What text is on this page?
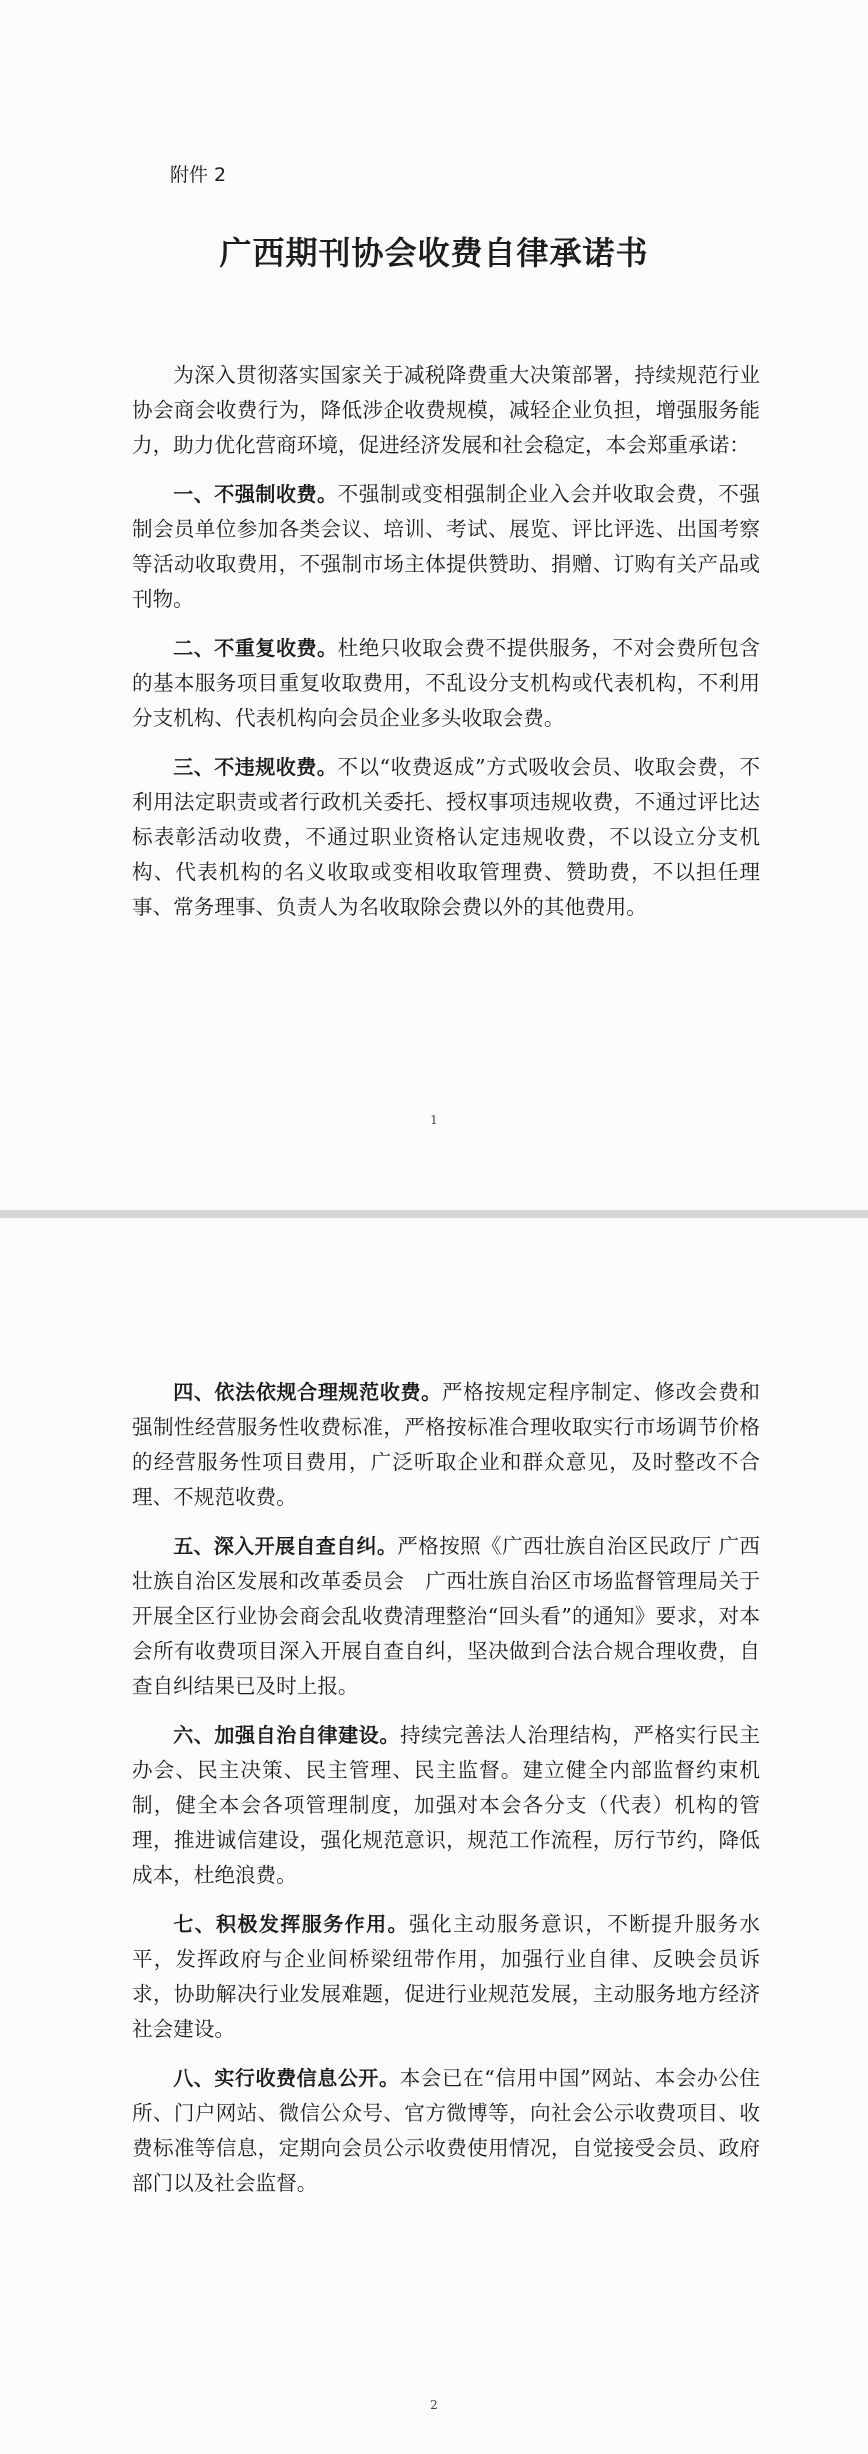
附件 2
广西期刊协会收费自律承诺书

为深入贯彻落实国家关于减税降费重大决策部署，持续规范行业协会商会收费行为，降低涉企收费规模，减轻企业负担，增强服务能力，助力优化营商环境，促进经济发展和社会稳定，本会郑重承诺：

一、不强制收费。不强制或变相强制企业入会并收取会费，不强制会员单位参加各类会议、培训、考试、展览、评比评选、出国考察等活动收取费用，不强制市场主体提供赞助、捐赠、订购有关产品或刊物。

二、不重复收费。杜绝只收取会费不提供服务，不对会费所包含的基本服务项目重复收取费用，不乱设分支机构或代表机构，不利用分支机构、代表机构向会员企业多头收取会费。

三、不违规收费。不以“收费返成”方式吸收会员、收取会费，不利用法定职责或者行政机关委托、授权事项违规收费，不通过评比达标表彰活动收费，不通过职业资格认定违规收费，不以设立分支机构、代表机构的名义收取或变相收取管理费、赞助费，不以担任理事、常务理事、负责人为名收取除会费以外的其他费用。

1

四、依法依规合理规范收费。严格按规定程序制定、修改会费和强制性经营服务性收费标准，严格按标准合理收取实行市场调节价格的经营服务性项目费用，广泛听取企业和群众意见，及时整改不合理、不规范收费。

五、深入开展自查自纠。严格按照《广西壮族自治区民政厅 广西壮族自治区发展和改革委员会　广西壮族自治区市场监督管理局关于开展全区行业协会商会乱收费清理整治“回头看”的通知》要求，对本会所有收费项目深入开展自查自纠，坚决做到合法合规合理收费，自查自纠结果已及时上报。

六、加强自治自律建设。持续完善法人治理结构，严格实行民主办会、民主决策、民主管理、民主监督。建立健全内部监督约束机制，健全本会各项管理制度，加强对本会各分支（代表）机构的管理，推进诚信建设，强化规范意识，规范工作流程，厉行节约，降低成本，杜绝浪费。

七、积极发挥服务作用。强化主动服务意识，不断提升服务水平，发挥政府与企业间桥梁纽带作用，加强行业自律、反映会员诉求，协助解决行业发展难题，促进行业规范发展，主动服务地方经济社会建设。

八、实行收费信息公开。本会已在“信用中国”网站、本会办公住所、门户网站、微信公众号、官方微博等，向社会公示收费项目、收费标准等信息，定期向会员公示收费使用情况，自觉接受会员、政府部门以及社会监督。

2
